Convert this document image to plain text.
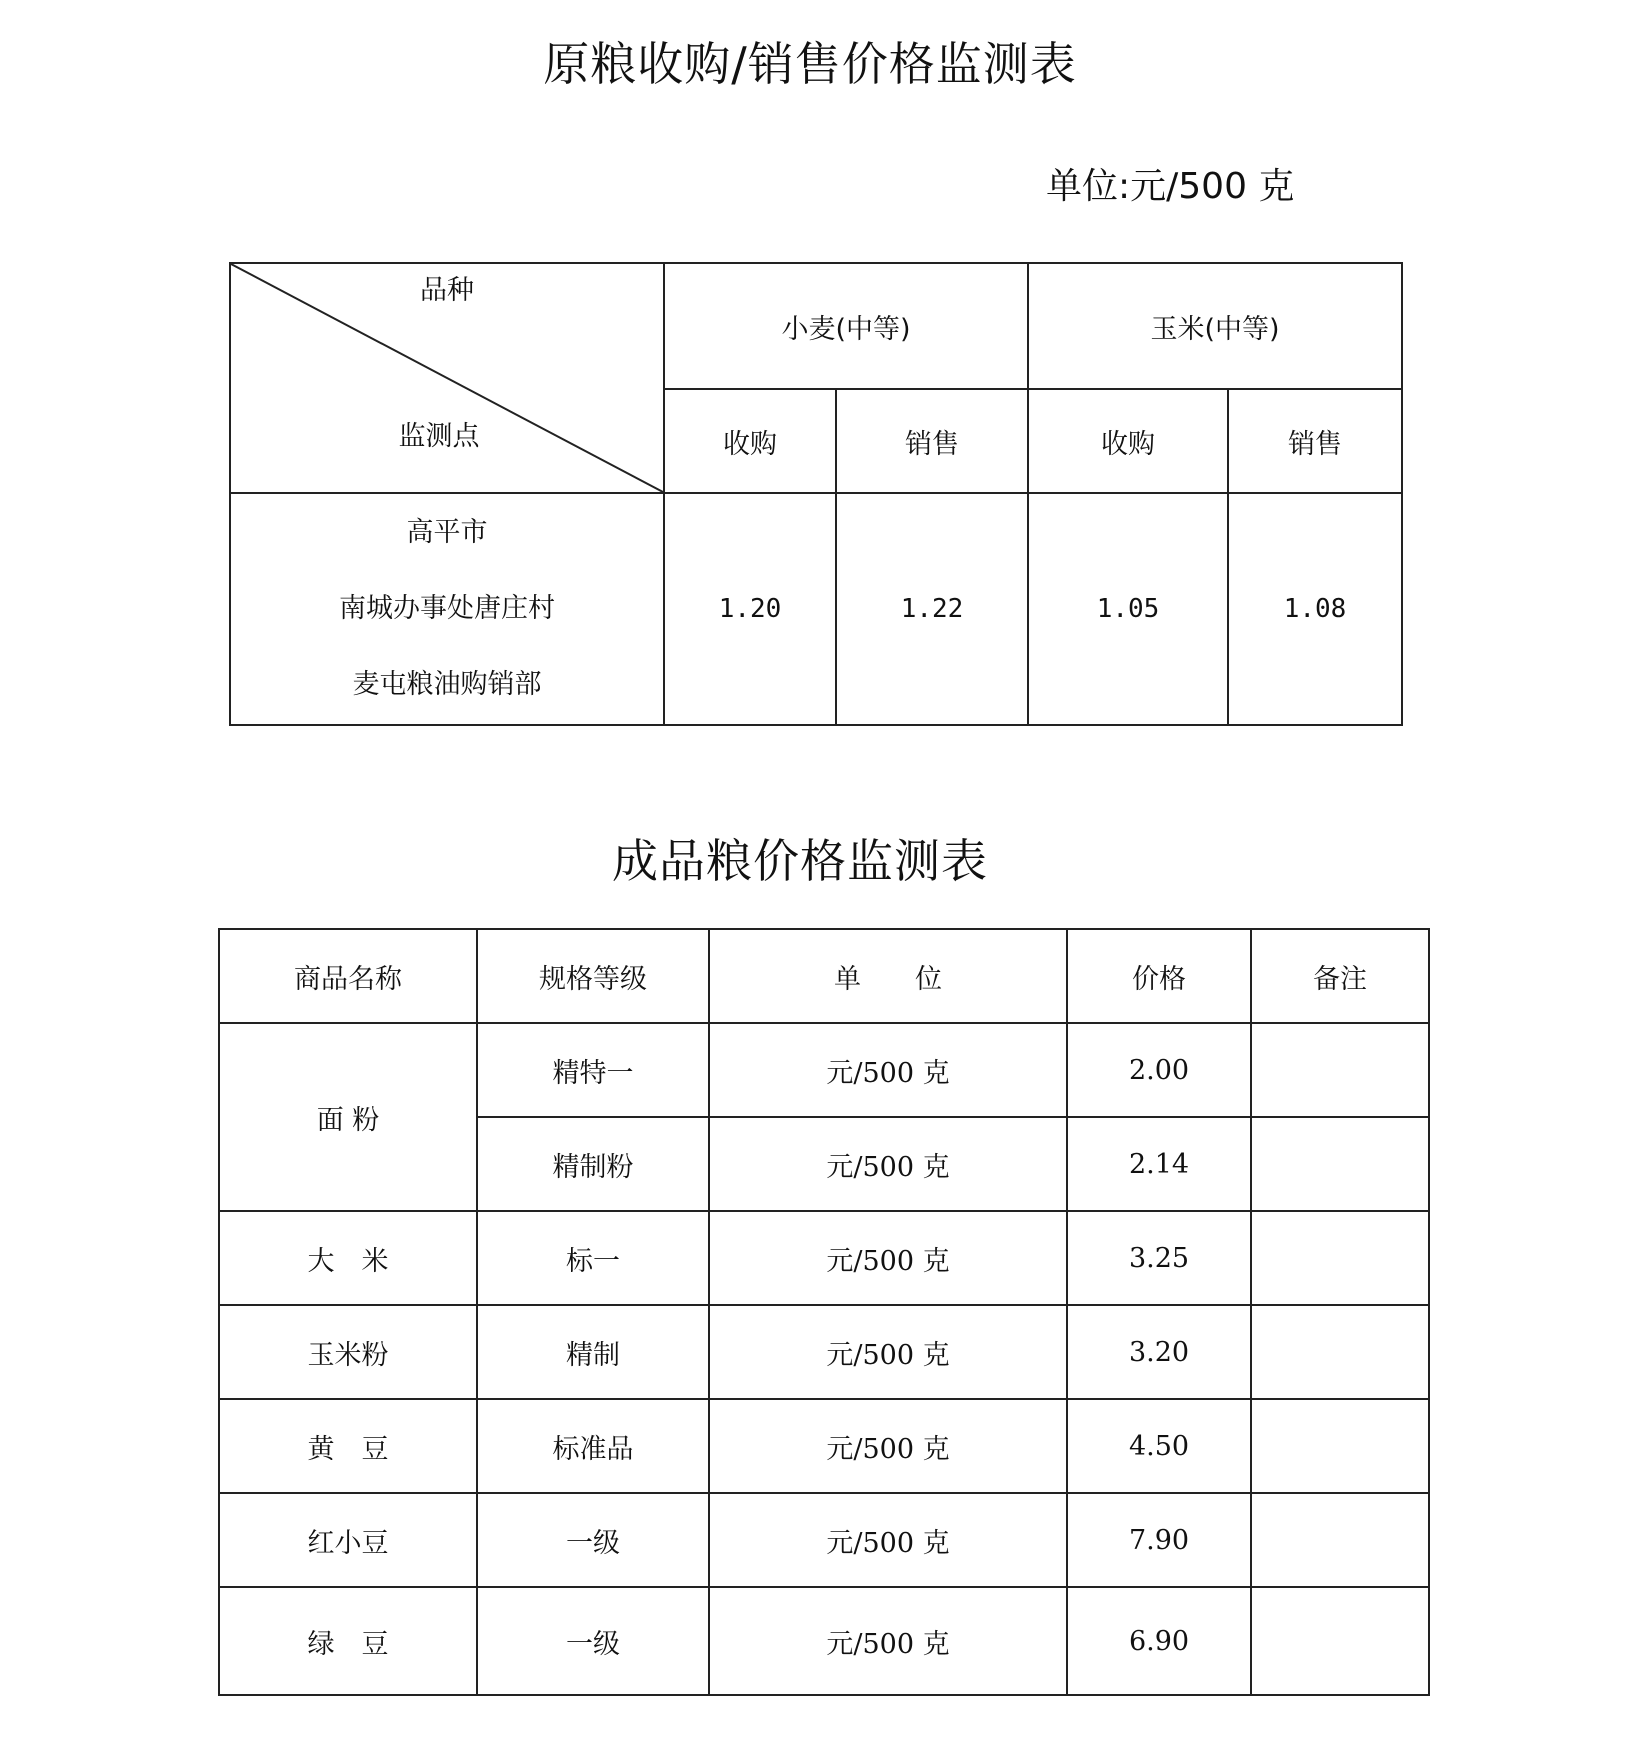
原粮收购/销售价格监测表
单位:元/500 克
品种
监测点	小麦(中等)		玉米(中等)	
	收购	销售	收购	销售

高平市
南城办事处唐庄村
麦屯粮油购销部	1.20	1.22	1.05	1.08
成品粮价格监测表
商品名称	规格等级	单　　位	价格	备注
面 粉	精特一	元/500 克	2.00	
	精制粉	元/500 克	2.14	
大　米	标一	元/500 克	3.25	
玉米粉	精制	元/500 克	3.20	
黄　豆	标准品	元/500 克	4.50	
红小豆	一级	元/500 克	7.90	
绿　豆	一级	元/500 克	6.90	
